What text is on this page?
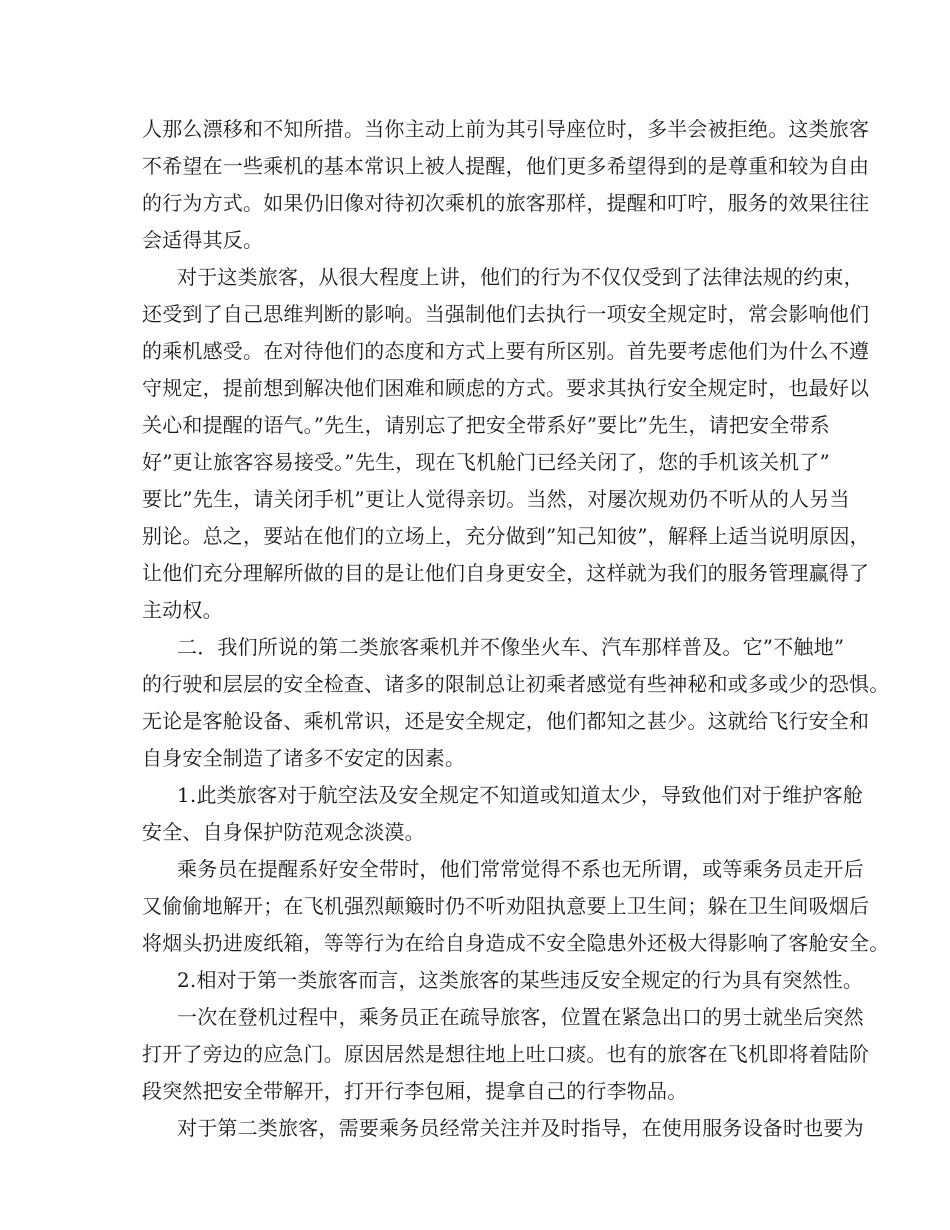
人那么漂移和不知所措。当你主动上前为其引导座位时，多半会被拒绝。这类旅客
不希望在一些乘机的基本常识上被人提醒，他们更多希望得到的是尊重和较为自由
的行为方式。如果仍旧像对待初次乘机的旅客那样，提醒和叮咛，服务的效果往往
会适得其反。
对于这类旅客，从很大程度上讲，他们的行为不仅仅受到了法律法规的约束，
还受到了自己思维判断的影响。当强制他们去执行一项安全规定时，常会影响他们
的乘机感受。在对待他们的态度和方式上要有所区别。首先要考虑他们为什么不遵
守规定，提前想到解决他们困难和顾虑的方式。要求其执行安全规定时，也最好以
关心和提醒的语气。”先生，请别忘了把安全带系好”要比”先生，请把安全带系
好”更让旅客容易接受。”先生，现在飞机舱门已经关闭了，您的手机该关机了”
要比”先生，请关闭手机”更让人觉得亲切。当然，对屡次规劝仍不听从的人另当
别论。总之，要站在他们的立场上，充分做到”知己知彼”，解释上适当说明原因，
让他们充分理解所做的目的是让他们自身更安全，这样就为我们的服务管理赢得了
主动权。
二．我们所说的第二类旅客乘机并不像坐火车、汽车那样普及。它”不触地”
的行驶和层层的安全检查、诸多的限制总让初乘者感觉有些神秘和或多或少的恐惧。
无论是客舱设备、乘机常识，还是安全规定，他们都知之甚少。这就给飞行安全和
自身安全制造了诸多不安定的因素。
1.此类旅客对于航空法及安全规定不知道或知道太少，导致他们对于维护客舱
安全、自身保护防范观念淡漠。
乘务员在提醒系好安全带时，他们常常觉得不系也无所谓，或等乘务员走开后
又偷偷地解开；在飞机强烈颠簸时仍不听劝阻执意要上卫生间；躲在卫生间吸烟后
将烟头扔进废纸箱，等等行为在给自身造成不安全隐患外还极大得影响了客舱安全。
2.相对于第一类旅客而言，这类旅客的某些违反安全规定的行为具有突然性。
一次在登机过程中，乘务员正在疏导旅客，位置在紧急出口的男士就坐后突然
打开了旁边的应急门。原因居然是想往地上吐口痰。也有的旅客在飞机即将着陆阶
段突然把安全带解开，打开行李包厢，提拿自己的行李物品。
对于第二类旅客，需要乘务员经常关注并及时指导，在使用服务设备时也要为
